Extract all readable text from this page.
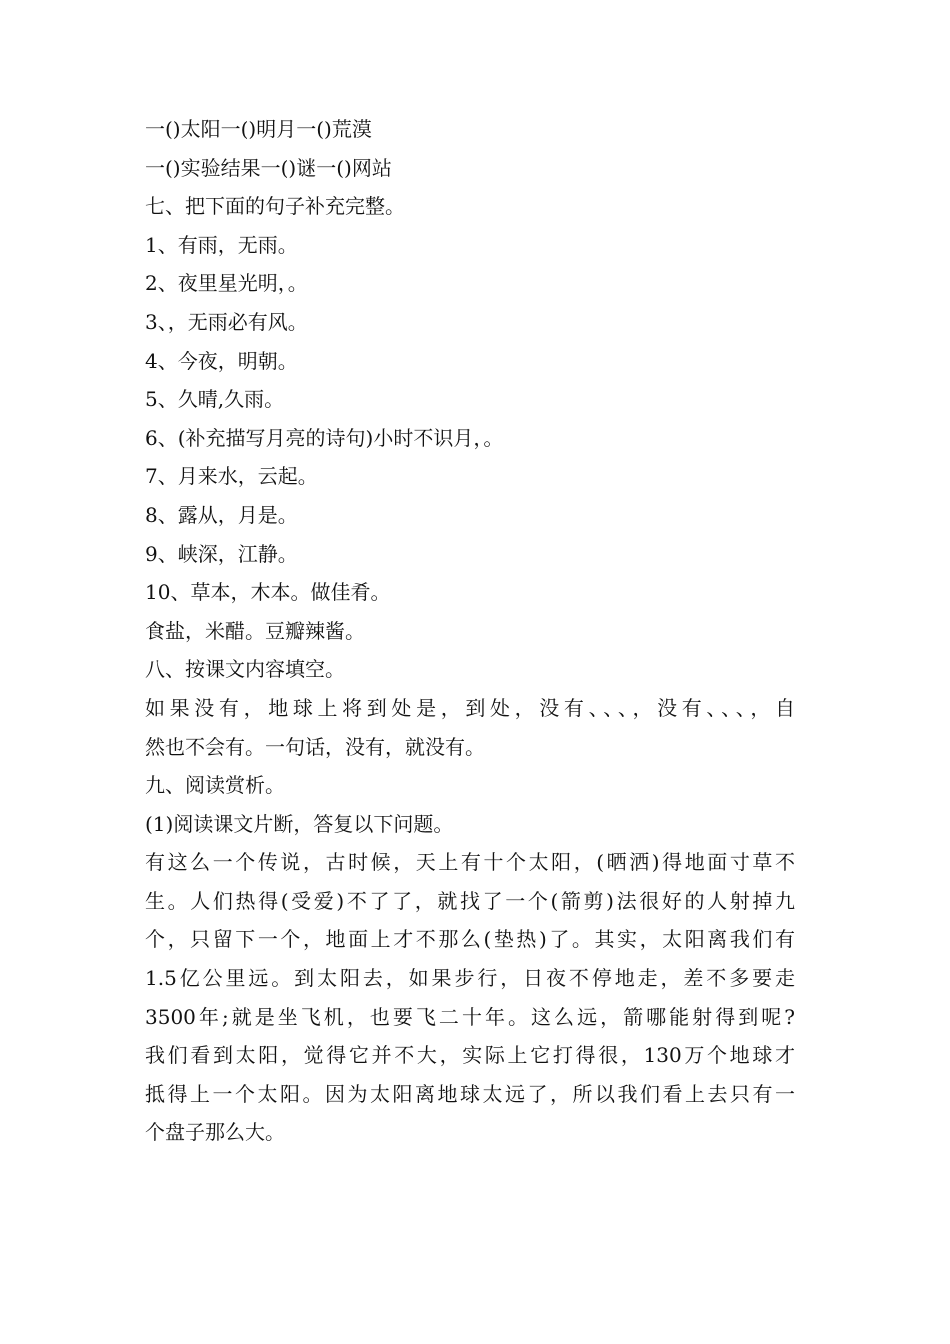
一()太阳一()明月一()荒漠
一()实验结果一()谜一()网站
七、把下面的句子补充完整。
1、有雨，无雨。
2、夜里星光明，。
3、，无雨必有风。
4、今夜，明朝。
5、久晴,久雨。
6、(补充描写月亮的诗句)小时不识月，。
7、月来水，云起。
8、露从，月是。
9、峡深，江静。
10、草本，木本。做佳肴。
食盐，米醋。豆瓣辣酱。
八、按课文内容填空。
如果没有，地球上将到处是，到处，没有、、、，没有、、、，自
然也不会有。一句话，没有，就没有。
九、阅读赏析。
(1)阅读课文片断，答复以下问题。
有这么一个传说，古时候，天上有十个太阳，(晒洒)得地面寸草不
生。人们热得(受爱)不了了，就找了一个(箭剪)法很好的人射掉九
个，只留下一个，地面上才不那么(垫热)了。其实，太阳离我们有
1.5亿公里远。到太阳去，如果步行，日夜不停地走，差不多要走
3500年;就是坐飞机，也要飞二十年。这么远，箭哪能射得到呢?
我们看到太阳，觉得它并不大，实际上它打得很，130万个地球才
抵得上一个太阳。因为太阳离地球太远了，所以我们看上去只有一
个盘子那么大。
